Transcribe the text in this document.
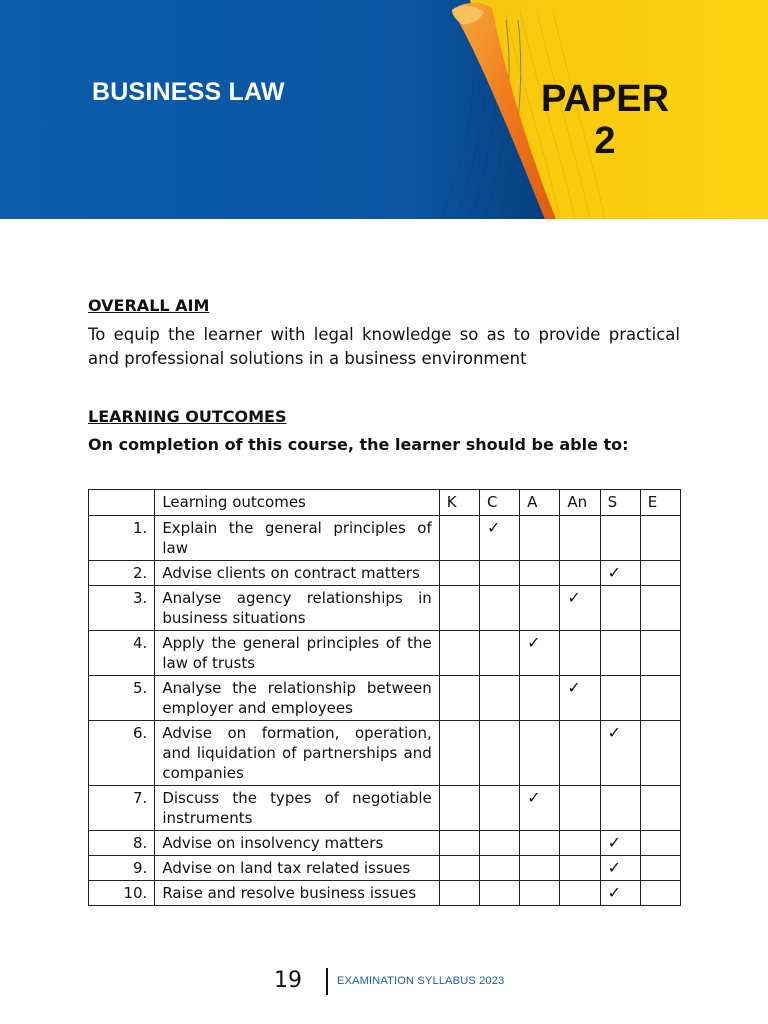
BUSINESS LAW	PAPER
2
OVERALL AIM
To equip the learner with legal knowledge so as to provide practical and professional solutions in a business environment
LEARNING OUTCOMES
On completion of this course, the learner should be able to:
	Learning outcomes	K	C	A	An	S	E
1.	Explain the general principles of law		✓				
2.	Advise clients on contract matters					✓	
3.	Analyse agency relationships in business situations				✓		
4.	Apply the general principles of the law of trusts			✓			
5.	Analyse the relationship between employer and employees				✓		
6.	Advise on formation, operation, and liquidation of partnerships and companies					✓	
7.	Discuss the types of negotiable instruments			✓			
8.	Advise on insolvency matters					✓	
9.	Advise on land tax related issues					✓	
10.	Raise and resolve business issues					✓	
19	EXAMINATION SYLLABUS 2023
